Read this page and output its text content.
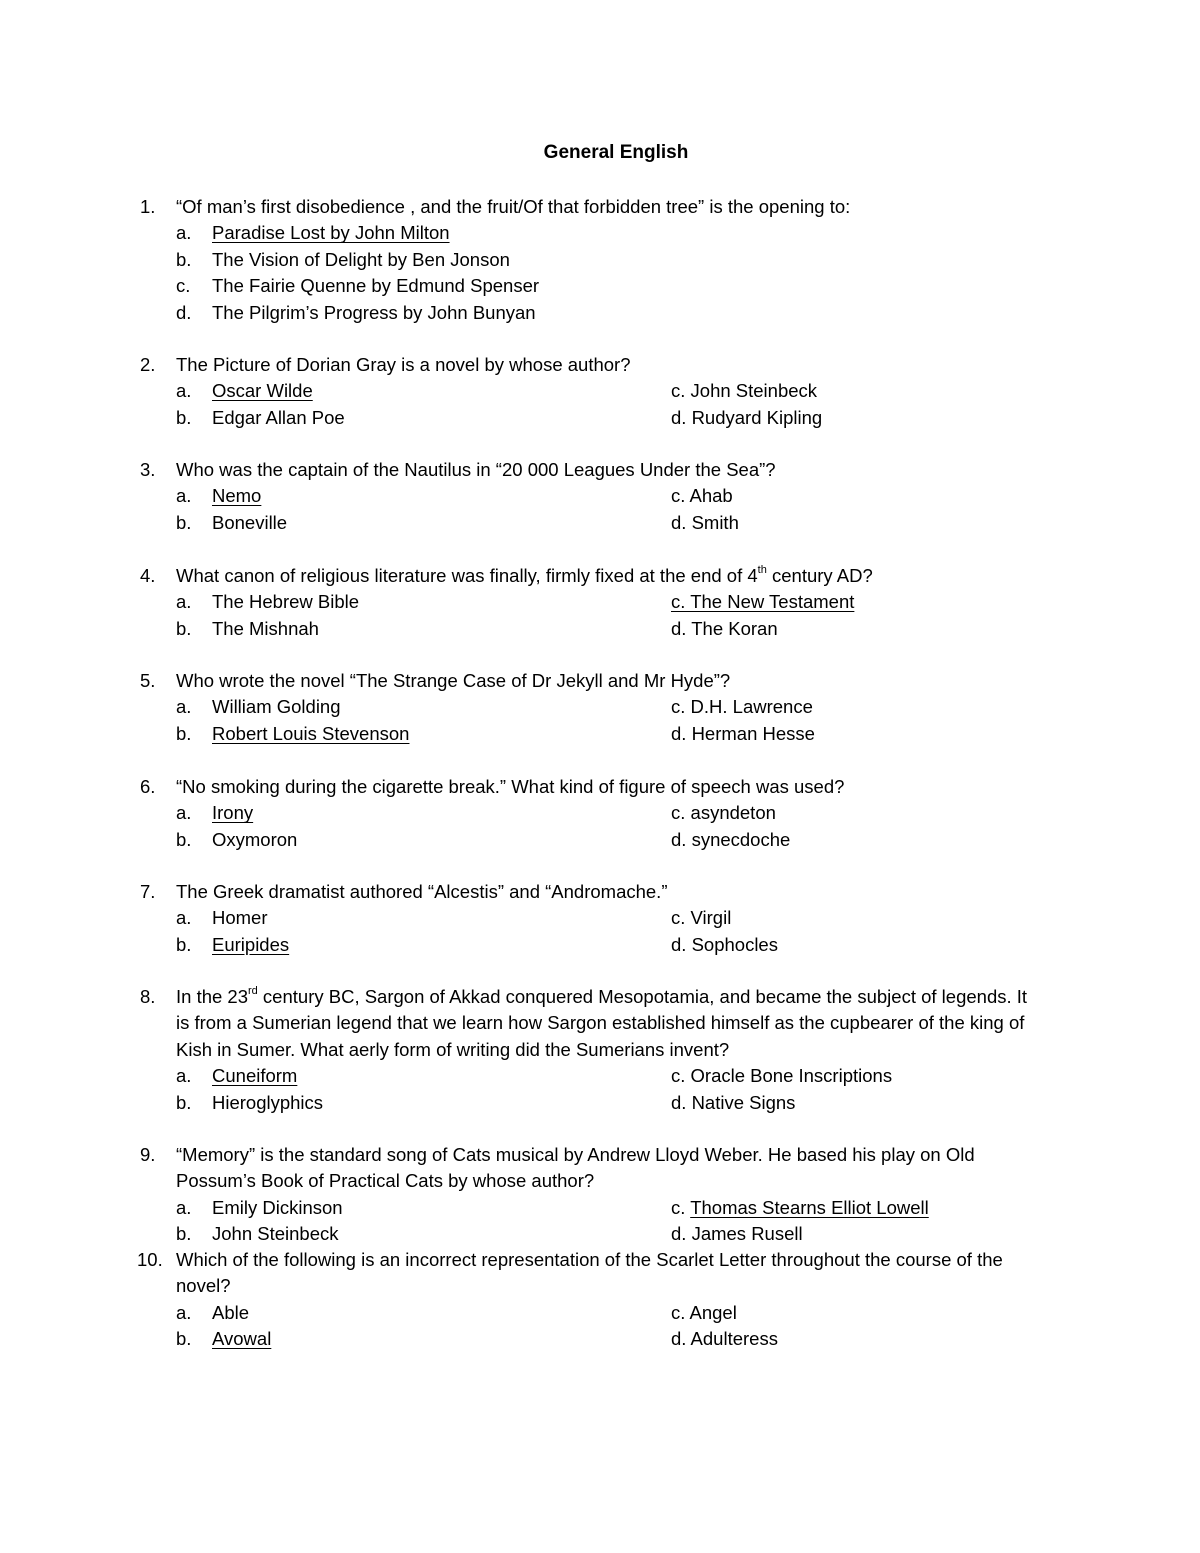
General English
1. “Of man’s first disobedience , and the fruit/Of that forbidden tree” is the opening to:
a. Paradise Lost by John Milton
b. The Vision of Delight by Ben Jonson
c. The Fairie Quenne by Edmund Spenser
d. The Pilgrim’s Progress by John Bunyan
2. The Picture of Dorian Gray is a novel by whose author?
a. Oscar Wilde	c. John Steinbeck
b. Edgar Allan Poe	d. Rudyard Kipling
3. Who was the captain of the Nautilus in “20 000 Leagues Under the Sea”?
a. Nemo	c. Ahab
b. Boneville	d. Smith
4. What canon of religious literature was finally, firmly fixed at the end of 4th century AD?
a. The Hebrew Bible	c. The New Testament
b. The Mishnah	d. The Koran
5. Who wrote the novel “The Strange Case of Dr Jekyll and Mr Hyde”?
a. William Golding	c. D.H. Lawrence
b. Robert Louis Stevenson	d. Herman Hesse
6. “No smoking during the cigarette break.” What kind of figure of speech was used?
a. Irony	c. asyndeton
b. Oxymoron	d. synecdoche
7. The Greek dramatist authored “Alcestis” and “Andromache.”
a. Homer	c. Virgil
b. Euripides	d. Sophocles
8. In the 23rd century BC, Sargon of Akkad conquered Mesopotamia, and became the subject of legends. It
is from a Sumerian legend that we learn how Sargon established himself as the cupbearer of the king of
Kish in Sumer. What aerly form of writing did the Sumerians invent?
a. Cuneiform	c. Oracle Bone Inscriptions
b. Hieroglyphics	d. Native Signs
9. “Memory” is the standard song of Cats musical by Andrew Lloyd Weber. He based his play on Old
Possum’s Book of Practical Cats by whose author?
a. Emily Dickinson	c. Thomas Stearns Elliot Lowell
b. John Steinbeck	d. James Rusell
10. Which of the following is an incorrect representation of the Scarlet Letter throughout the course of the
novel?
a. Able	c. Angel
b. Avowal	d. Adulteress
